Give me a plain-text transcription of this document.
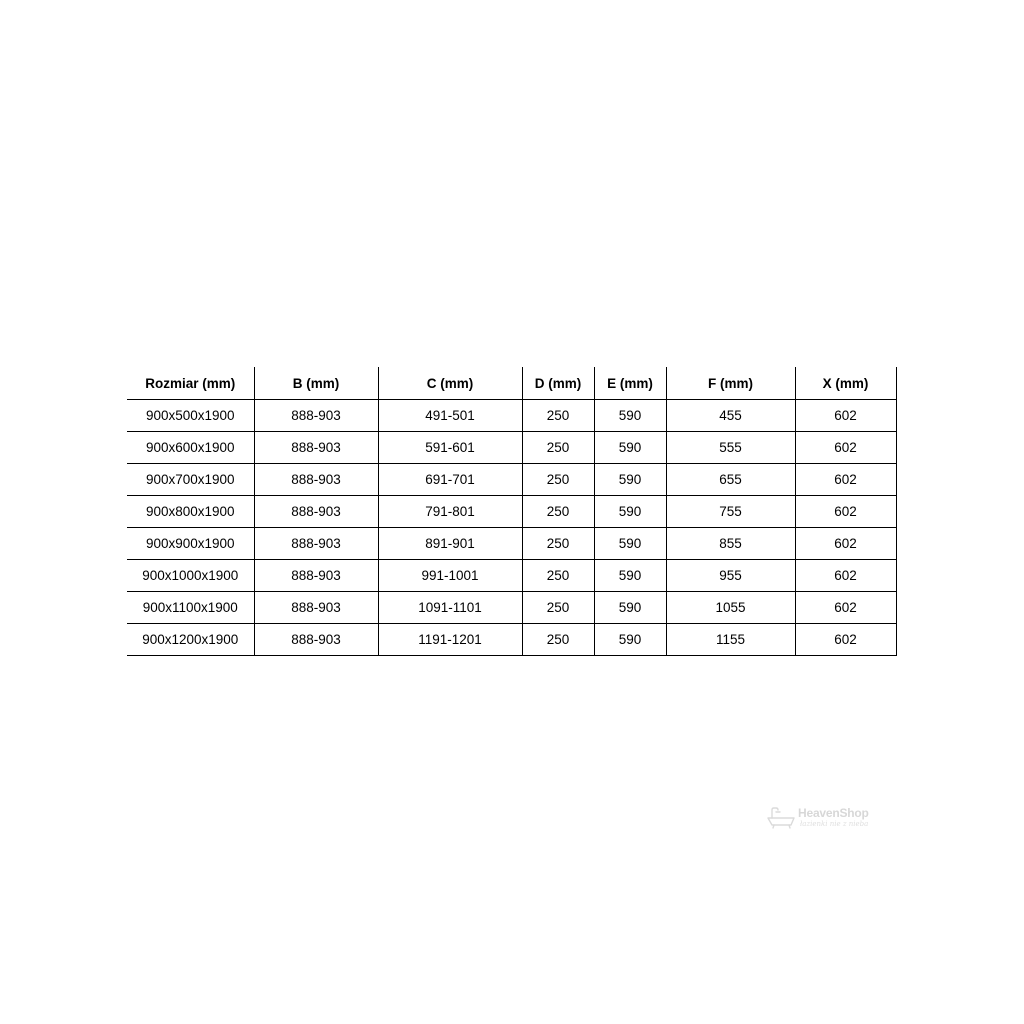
Rozmiar (mm)	B (mm)	C (mm)	D (mm)	E (mm)	F (mm)	X (mm)
900x500x1900	888-903	491-501	250	590	455	602
900x600x1900	888-903	591-601	250	590	555	602
900x700x1900	888-903	691-701	250	590	655	602
900x800x1900	888-903	791-801	250	590	755	602
900x900x1900	888-903	891-901	250	590	855	602
900x1000x1900	888-903	991-1001	250	590	955	602
900x1100x1900	888-903	1091-1101	250	590	1055	602
900x1200x1900	888-903	1191-1201	250	590	1155	602
HeavenShop
łazienki nie z nieba
